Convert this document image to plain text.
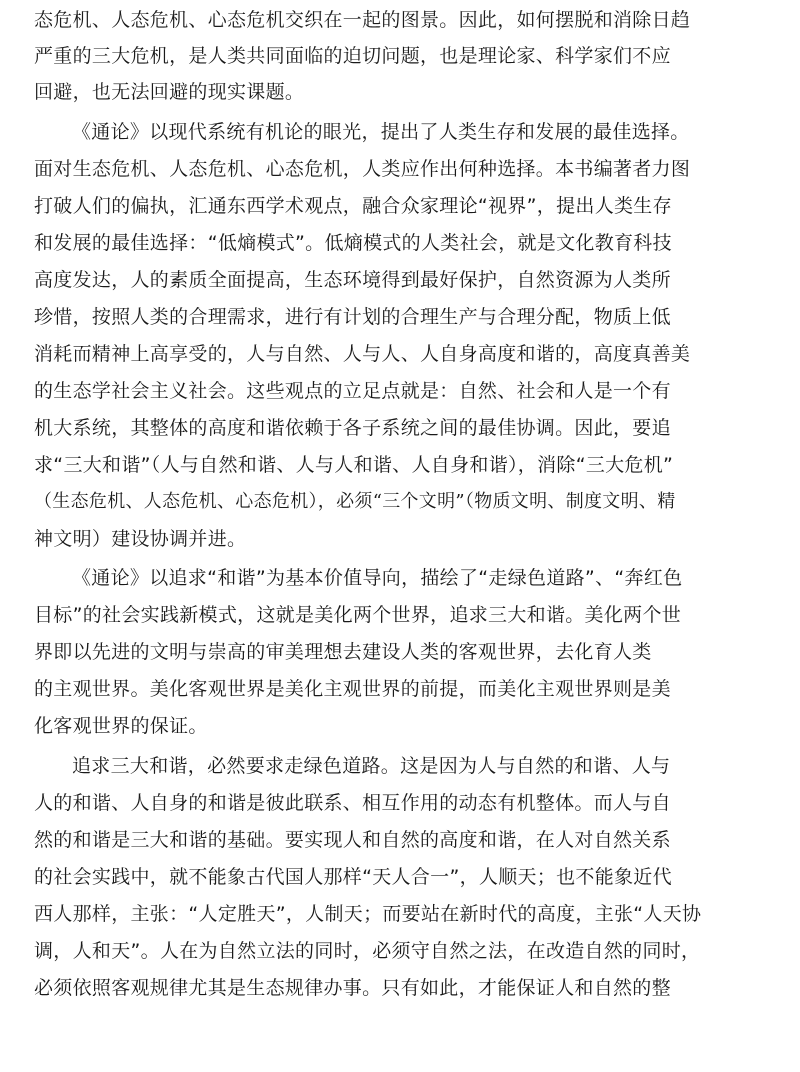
态危机、人态危机、心态危机交织在一起的图景。因此，如何摆脱和消除日趋
严重的三大危机，是人类共同面临的迫切问题，也是理论家、科学家们不应
回避，也无法回避的现实课题。
《通论》以现代系统有机论的眼光，提出了人类生存和发展的最佳选择。
面对生态危机、人态危机、心态危机，人类应作出何种选择。本书编著者力图
打破人们的偏执，汇通东西学术观点，融合众家理论“视界”，提出人类生存
和发展的最佳选择：“低熵模式”。低熵模式的人类社会，就是文化教育科技
高度发达，人的素质全面提高，生态环境得到最好保护，自然资源为人类所
珍惜，按照人类的合理需求，进行有计划的合理生产与合理分配，物质上低
消耗而精神上高享受的，人与自然、人与人、人自身高度和谐的，高度真善美
的生态学社会主义社会。这些观点的立足点就是：自然、社会和人是一个有
机大系统，其整体的高度和谐依赖于各子系统之间的最佳协调。因此，要追
求“三大和谐”（人与自然和谐、人与人和谐、人自身和谐），消除“三大危机”
（生态危机、人态危机、心态危机），必须“三个文明”（物质文明、制度文明、精
神文明）建设协调并进。
《通论》以追求“和谐”为基本价值导向，描绘了“走绿色道路”、“奔红色
目标”的社会实践新模式，这就是美化两个世界，追求三大和谐。美化两个世
界即以先进的文明与崇高的审美理想去建设人类的客观世界，去化育人类
的主观世界。美化客观世界是美化主观世界的前提，而美化主观世界则是美
化客观世界的保证。
追求三大和谐，必然要求走绿色道路。这是因为人与自然的和谐、人与
人的和谐、人自身的和谐是彼此联系、相互作用的动态有机整体。而人与自
然的和谐是三大和谐的基础。要实现人和自然的高度和谐，在人对自然关系
的社会实践中，就不能象古代国人那样“天人合一”，人顺天；也不能象近代
西人那样，主张：“人定胜天”，人制天；而要站在新时代的高度，主张“人天协
调，人和天”。人在为自然立法的同时，必须守自然之法，在改造自然的同时，
必须依照客观规律尤其是生态规律办事。只有如此，才能保证人和自然的整
